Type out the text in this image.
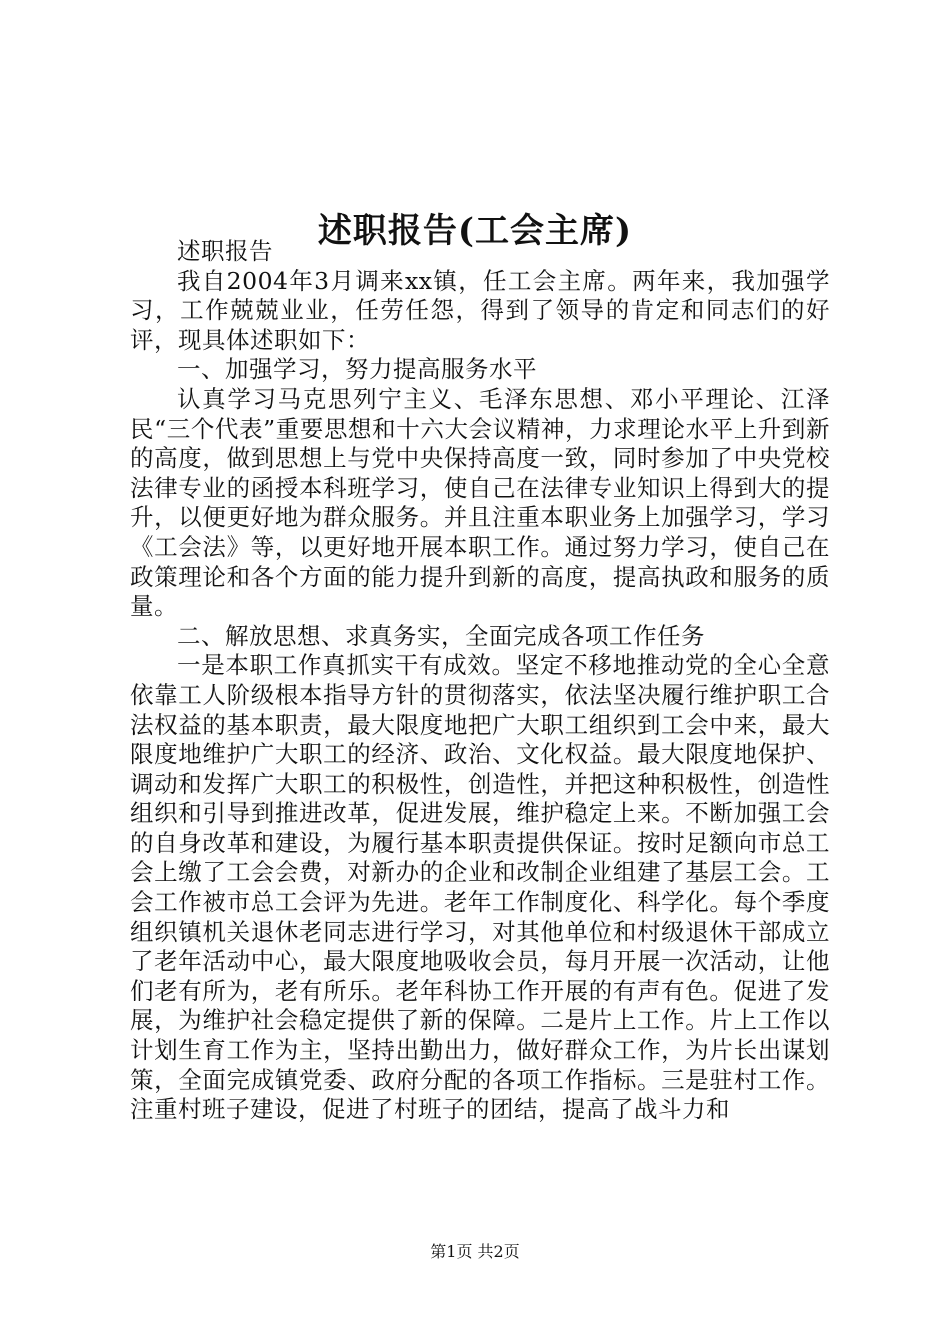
述职报告(工会主席)

述职报告

我自2004年3月调来xx镇，任工会主席。两年来，我加强学习，工作兢兢业业，任劳任怨，得到了领导的肯定和同志们的好评，现具体述职如下：

一、加强学习，努力提高服务水平

认真学习马克思列宁主义、毛泽东思想、邓小平理论、江泽民“三个代表”重要思想和十六大会议精神，力求理论水平上升到新的高度，做到思想上与党中央保持高度一致，同时参加了中央党校法律专业的函授本科班学习，使自己在法律专业知识上得到大的提升，以便更好地为群众服务。并且注重本职业务上加强学习，学习《工会法》等，以更好地开展本职工作。通过努力学习，使自己在政策理论和各个方面的能力提升到新的高度，提高执政和服务的质量。

二、解放思想、求真务实，全面完成各项工作任务

一是本职工作真抓实干有成效。坚定不移地推动党的全心全意依靠工人阶级根本指导方针的贯彻落实，依法坚决履行维护职工合法权益的基本职责，最大限度地把广大职工组织到工会中来，最大限度地维护广大职工的经济、政治、文化权益。最大限度地保护、调动和发挥广大职工的积极性，创造性，并把这种积极性，创造性组织和引导到推进改革，促进发展，维护稳定上来。不断加强工会的自身改革和建设，为履行基本职责提供保证。按时足额向市总工会上缴了工会会费，对新办的企业和改制企业组建了基层工会。工会工作被市总工会评为先进。老年工作制度化、科学化。每个季度组织镇机关退休老同志进行学习，对其他单位和村级退休干部成立了老年活动中心，最大限度地吸收会员，每月开展一次活动，让他们老有所为，老有所乐。老年科协工作开展的有声有色。促进了发展，为维护社会稳定提供了新的保障。二是片上工作。片上工作以计划生育工作为主，坚持出勤出力，做好群众工作，为片长出谋划策，全面完成镇党委、政府分配的各项工作指标。三是驻村工作。注重村班子建设，促进了村班子的团结，提高了战斗力和

第1页 共2页
